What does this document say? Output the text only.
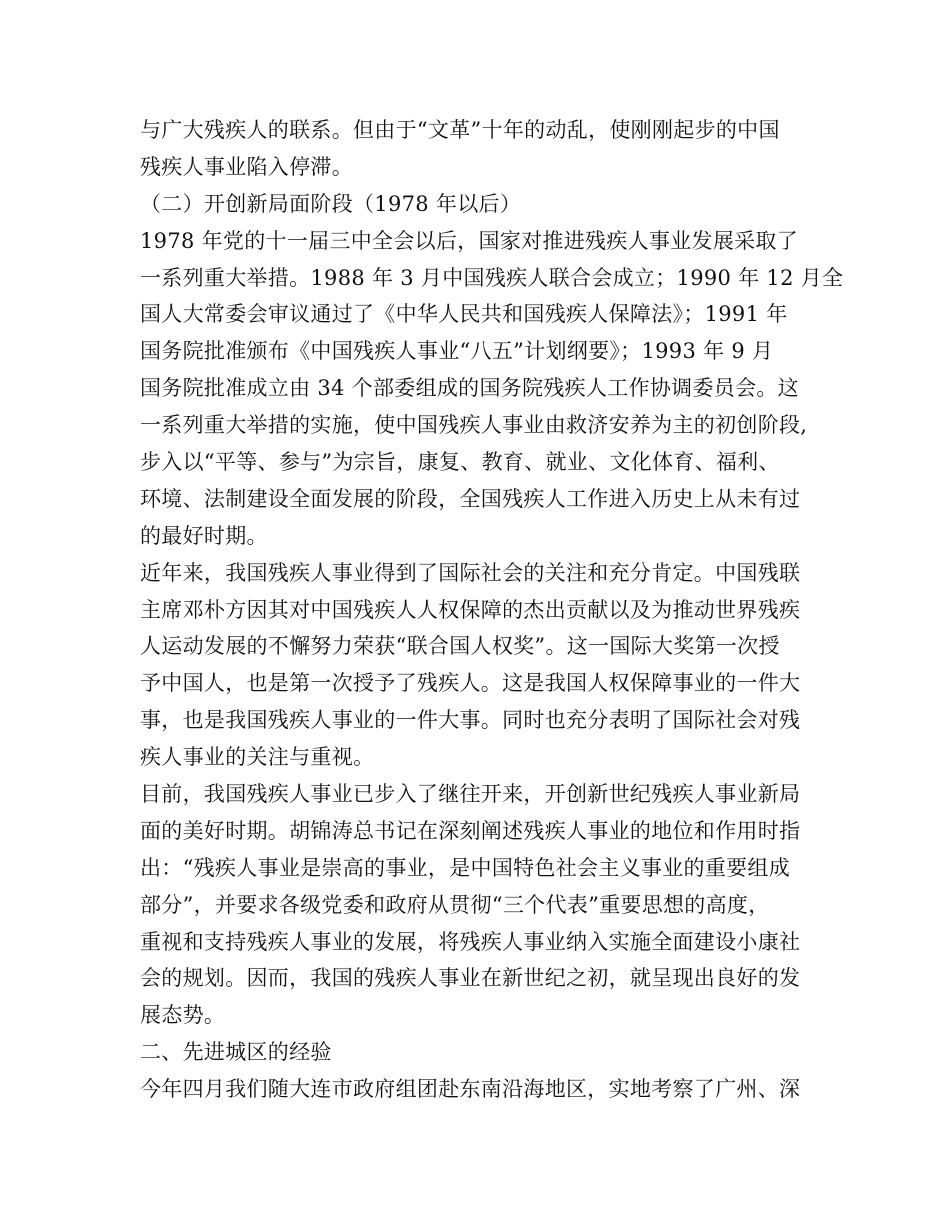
与广大残疾人的联系。但由于“文革”十年的动乱，使刚刚起步的中国
残疾人事业陷入停滞。
（二）开创新局面阶段（1978 年以后）
1978 年党的十一届三中全会以后，国家对推进残疾人事业发展采取了
一系列重大举措。1988 年 3 月中国残疾人联合会成立；1990 年 12 月全
国人大常委会审议通过了《中华人民共和国残疾人保障法》；1991 年
国务院批准颁布《中国残疾人事业“八五”计划纲要》；1993 年 9 月
国务院批准成立由 34 个部委组成的国务院残疾人工作协调委员会。这
一系列重大举措的实施，使中国残疾人事业由救济安养为主的初创阶段,
步入以“平等、参与”为宗旨，康复、教育、就业、文化体育、福利、
环境、法制建设全面发展的阶段，全国残疾人工作进入历史上从未有过
的最好时期。
近年来，我国残疾人事业得到了国际社会的关注和充分肯定。中国残联
主席邓朴方因其对中国残疾人人权保障的杰出贡献以及为推动世界残疾
人运动发展的不懈努力荣获“联合国人权奖”。这一国际大奖第一次授
予中国人，也是第一次授予了残疾人。这是我国人权保障事业的一件大
事，也是我国残疾人事业的一件大事。同时也充分表明了国际社会对残
疾人事业的关注与重视。
目前，我国残疾人事业已步入了继往开来，开创新世纪残疾人事业新局
面的美好时期。胡锦涛总书记在深刻阐述残疾人事业的地位和作用时指
出：“残疾人事业是崇高的事业，是中国特色社会主义事业的重要组成
部分”，并要求各级党委和政府从贯彻“三个代表”重要思想的高度，
重视和支持残疾人事业的发展，将残疾人事业纳入实施全面建设小康社
会的规划。因而，我国的残疾人事业在新世纪之初，就呈现出良好的发
展态势。
二、先进城区的经验
今年四月我们随大连市政府组团赴东南沿海地区，实地考察了广州、深
